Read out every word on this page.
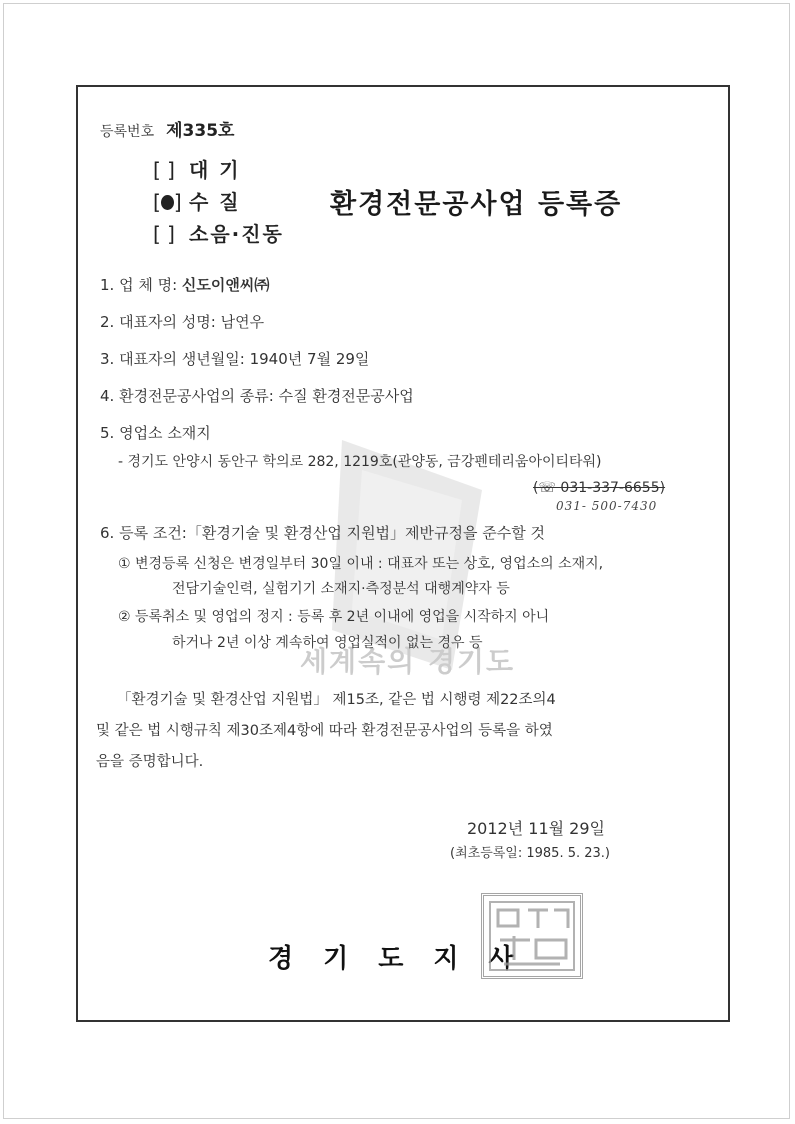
세계속의 경기도
등록번호 제335호
[ ] 대 기
[ ] 수 질
[ ] 소음·진동
환경전문공사업 등록증
1. 업 체 명: 신도이앤씨㈜
2. 대표자의 성명: 남연우
3. 대표자의 생년월일: 1940년 7월 29일
4. 환경전문공사업의 종류: 수질 환경전문공사업
5. 영업소 소재지
- 경기도 안양시 동안구 학의로 282, 1219호(관양동, 금강펜테리움아이티타워)
(☏ 031-337-6655)
031- 500-7430
6. 등록 조건:「환경기술 및 환경산업 지원법」제반규정을 준수할 것
① 변경등록 신청은 변경일부터 30일 이내 : 대표자 또는 상호, 영업소의 소재지,
전담기술인력, 실험기기 소재지·측정분석 대행계약자 등
② 등록취소 및 영업의 정지 : 등록 후 2년 이내에 영업을 시작하지 아니
하거나 2년 이상 계속하여 영업실적이 없는 경우 등
「환경기술 및 환경산업 지원법」 제15조, 같은 법 시행령 제22조의4
및 같은 법 시행규칙 제30조제4항에 따라 환경전문공사업의 등록을 하였
음을 증명합니다.
2012년 11월 29일
(최초등록일: 1985. 5. 23.)
경기도지사
